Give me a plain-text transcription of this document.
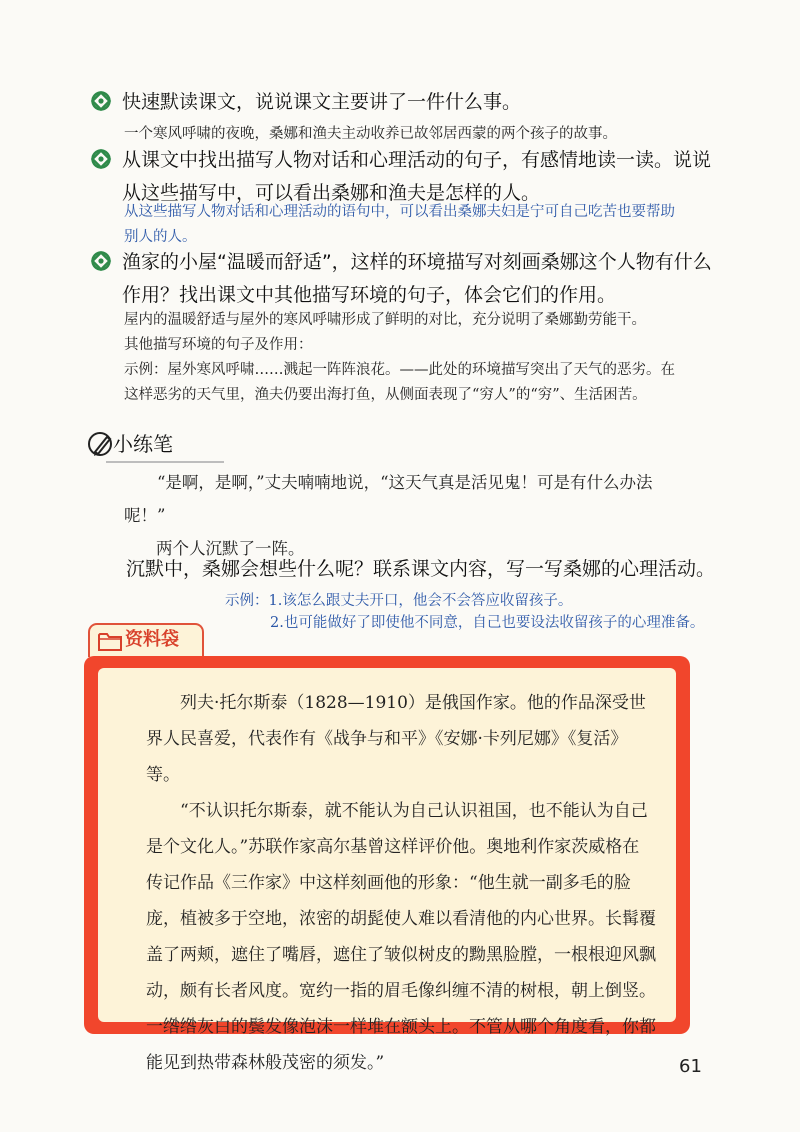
快速默读课文，说说课文主要讲了一件什么事。

一个寒风呼啸的夜晚，桑娜和渔夫主动收养已故邻居西蒙的两个孩子的故事。

从课文中找出描写人物对话和心理活动的句子，有感情地读一读。说说从这些描写中，可以看出桑娜和渔夫是怎样的人。

从这些描写人物对话和心理活动的语句中，可以看出桑娜夫妇是宁可自己吃苦也要帮助别人的人。

渔家的小屋“温暖而舒适”，这样的环境描写对刻画桑娜这个人物有什么作用？找出课文中其他描写环境的句子，体会它们的作用。

屋内的温暖舒适与屋外的寒风呼啸形成了鲜明的对比，充分说明了桑娜勤劳能干。

其他描写环境的句子及作用：

示例：屋外寒风呼啸……溅起一阵阵浪花。——此处的环境描写突出了天气的恶劣。在这样恶劣的天气里，渔夫仍要出海打鱼，从侧面表现了“穷人”的“穷”、生活困苦。

小练笔
“是啊，是啊，”丈夫喃喃地说，“这天气真是活见鬼！可是有什么办法呢！”
两个人沉默了一阵。
沉默中，桑娜会想些什么呢？联系课文内容，写一写桑娜的心理活动。
示例：1.该怎么跟丈夫开口，他会不会答应收留孩子。
2.也可能做好了即使他不同意，自己也要设法收留孩子的心理准备。
资料袋

列夫·托尔斯泰（1828—1910）是俄国作家。他的作品深受世界人民喜爱，代表作有《战争与和平》《安娜·卡列尼娜》《复活》等。

“不认识托尔斯泰，就不能认为自己认识祖国，也不能认为自己是个文化人。”苏联作家高尔基曾这样评价他。奥地利作家茨威格在传记作品《三作家》中这样刻画他的形象：“他生就一副多毛的脸庞，植被多于空地，浓密的胡髭使人难以看清他的内心世界。长髯覆盖了两颊，遮住了嘴唇，遮住了皱似树皮的黝黑脸膛，一根根迎风飘动，颇有长者风度。宽约一指的眉毛像纠缠不清的树根，朝上倒竖。一绺绺灰白的鬓发像泡沫一样堆在额头上。不管从哪个角度看，你都能见到热带森林般茂密的须发。”	61
